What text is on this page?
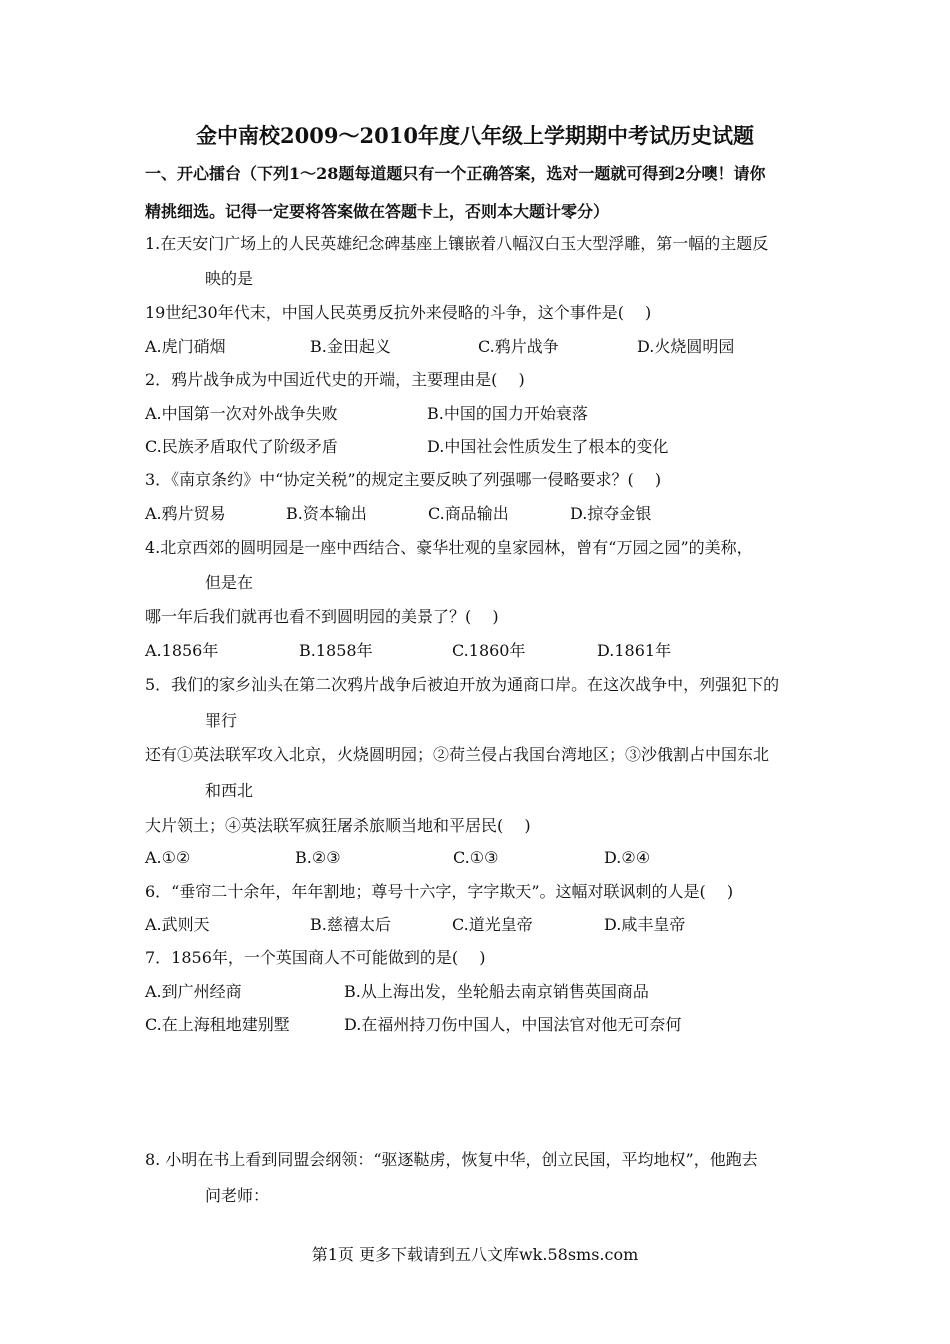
金中南校2009～2010年度八年级上学期期中考试历史试题
一、开心擂台（下列1～28题每道题只有一个正确答案，选对一题就可得到2分噢！请你
精挑细选。记得一定要将答案做在答题卡上，否则本大题计零分）
1.在天安门广场上的人民英雄纪念碑基座上镶嵌着八幅汉白玉大型浮雕，第一幅的主题反
映的是
19世纪30年代末，中国人民英勇反抗外来侵略的斗争，这个事件是(　 )
A.虎门硝烟	B.金田起义	C.鸦片战争	D.火烧圆明园
2．鸦片战争成为中国近代史的开端，主要理由是(　 )
A.中国第一次对外战争失败	B.中国的国力开始衰落
C.民族矛盾取代了阶级矛盾	D.中国社会性质发生了根本的变化
3．《南京条约》中“协定关税”的规定主要反映了列强哪一侵略要求？(　 )
A.鸦片贸易	B.资本输出	C.商品输出	D.掠夺金银
4.北京西郊的圆明园是一座中西结合、豪华壮观的皇家园林，曾有“万园之园”的美称，
但是在
哪一年后我们就再也看不到圆明园的美景了？(　 )
A.1856年	B.1858年	C.1860年	D.1861年
5．我们的家乡汕头在第二次鸦片战争后被迫开放为通商口岸。在这次战争中，列强犯下的
罪行
还有①英法联军攻入北京，火烧圆明园；②荷兰侵占我国台湾地区；③沙俄割占中国东北
和西北
大片领土；④英法联军疯狂屠杀旅顺当地和平居民(　 )
A.①②	B.②③	C.①③	D.②④
6．“垂帘二十余年，年年割地；尊号十六字，字字欺天”。这幅对联讽刺的人是(　 )
A.武则天	B.慈禧太后	C.道光皇帝	D.咸丰皇帝
7．1856年，一个英国商人不可能做到的是(　 )
A.到广州经商	B.从上海出发，坐轮船去南京销售英国商品
C.在上海租地建别墅	D.在福州持刀伤中国人，中国法官对他无可奈何
8. 小明在书上看到同盟会纲领：“驱逐鞑虏，恢复中华，创立民国，平均地权”，他跑去
问老师：
第1页 更多下载请到五八文库wk.58sms.com
